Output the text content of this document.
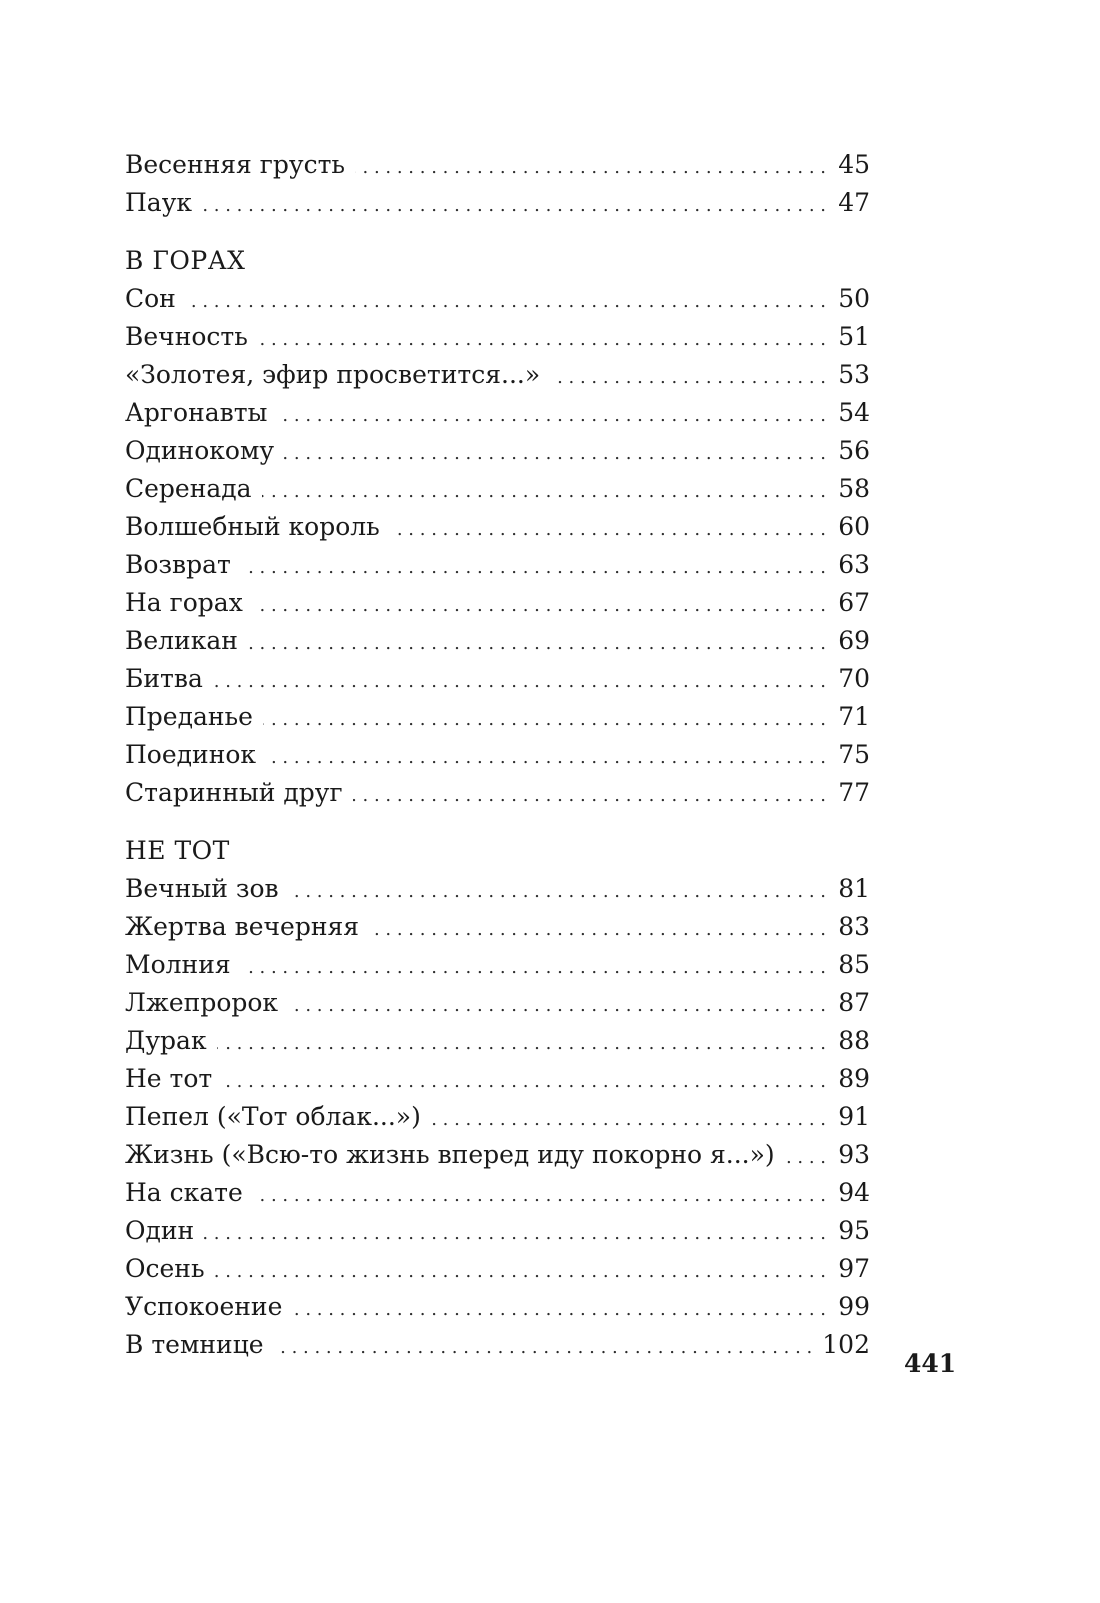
Весенняя грусть . . .	45
Паук . . .	47
В ГОРАХ
Сон . . .	50
Вечность . . .	51
«Золотея, эфир просветится...» . . .	53
Аргонавты . . .	54
Одинокому . . .	56
Серенада . . .	58
Волшебный король . . .	60
Возврат . . .	63
На горах . . .	67
Великан . . .	69
Битва . . .	70
Преданье . . .	71
Поединок . . .	75
Старинный друг . . .	77
НЕ ТОТ
Вечный зов . . .	81
Жертва вечерняя . . .	83
Молния . . .	85
Лжепророк . . .	87
Дурак . . .	88
Не тот . . .	89
Пепел («Тот облак...») . . .	91
Жизнь («Всю-то жизнь вперед иду покорно я...») . . .	93
На скате . . .	94
Один . . .	95
Осень . . .	97
Успокоение . . .	99
В темнице . . .	102
441
